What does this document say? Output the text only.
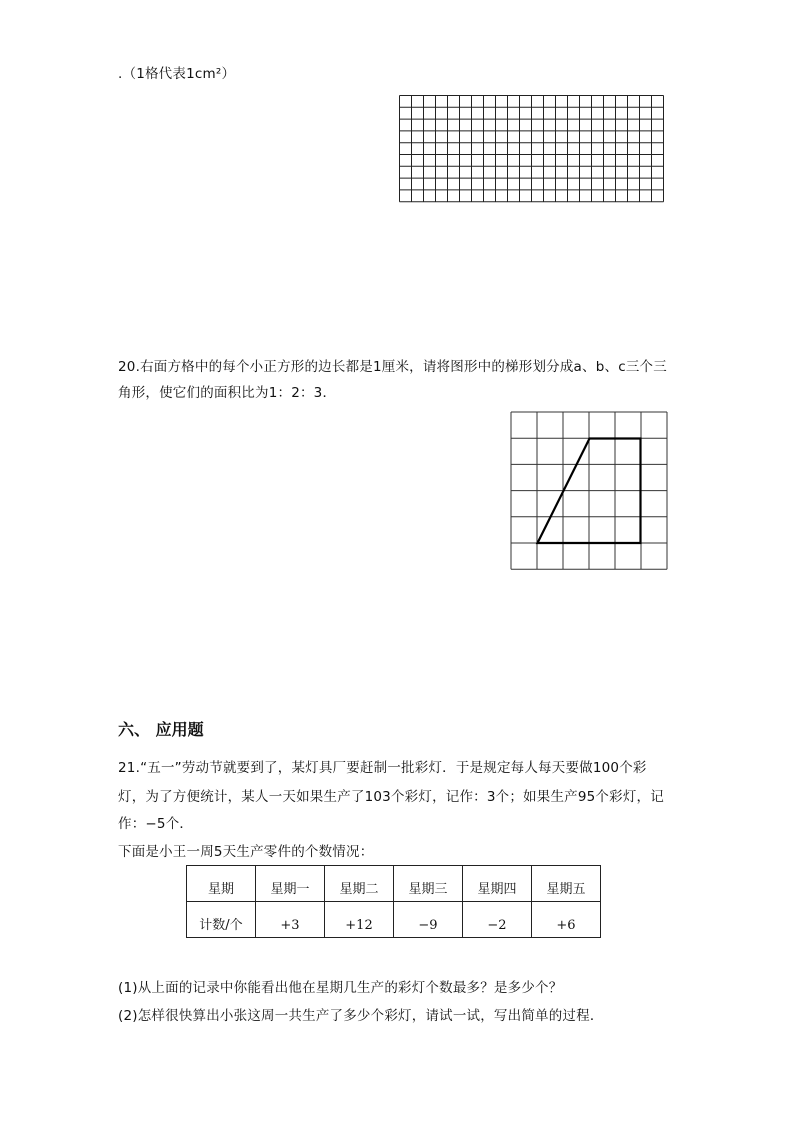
.（1格代表1cm²）
20.右面方格中的每个小正方形的边长都是1厘米，请将图形中的梯形划分成a、b、c三个三
角形，使它们的面积比为1：2：3．
六、 应用题
21.“五一”劳动节就要到了，某灯具厂要赶制一批彩灯．于是规定每人每天要做100个彩
灯，为了方便统计，某人一天如果生产了103个彩灯，记作：3个；如果生产95个彩灯，记
作：−5个．
下面是小王一周5天生产零件的个数情况：
星期	星期一	星期二	星期三	星期四	星期五
计数/个	+3	+12	−9	−2	+6
(1)从上面的记录中你能看出他在星期几生产的彩灯个数最多？是多少个？
(2)怎样很快算出小张这周一共生产了多少个彩灯，请试一试，写出简单的过程．
